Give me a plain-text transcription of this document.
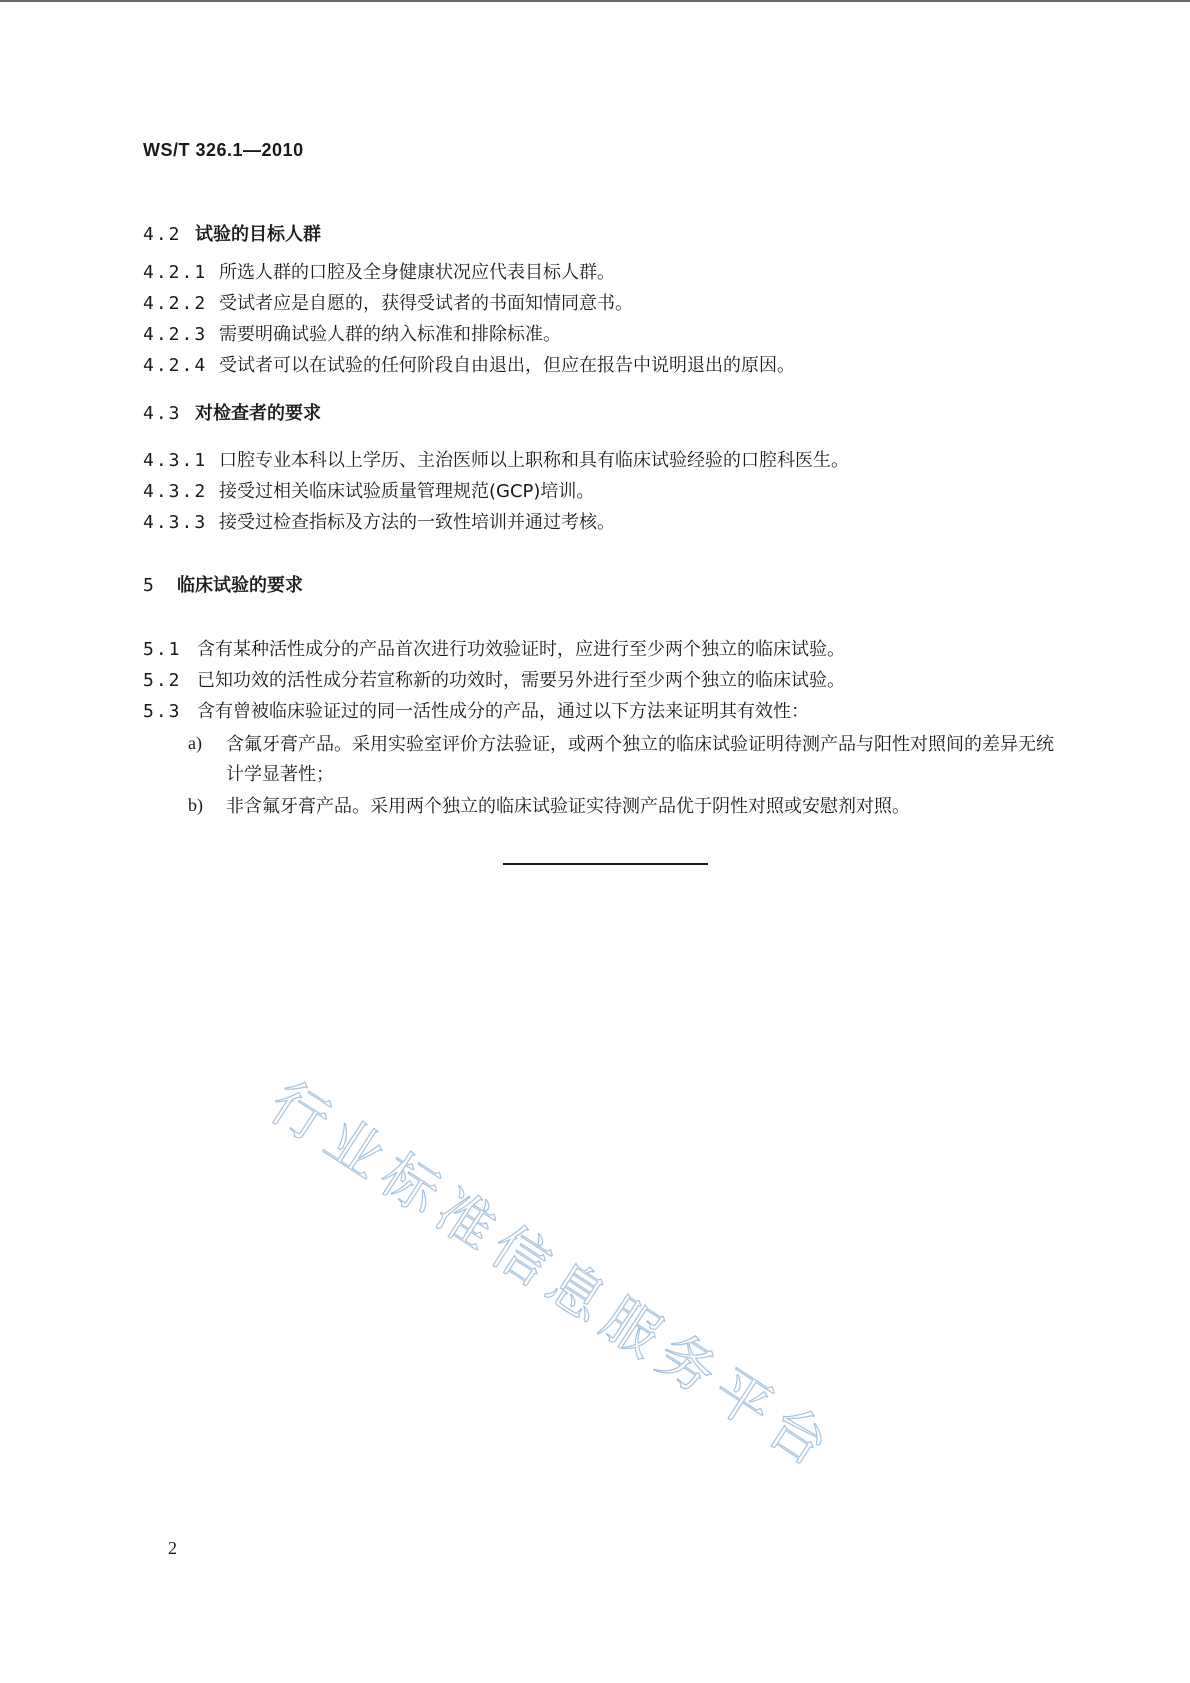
WS/T 326.1—2010
4.2 试验的目标人群
4.2.1 所选人群的口腔及全身健康状况应代表目标人群。
4.2.2 受试者应是自愿的，获得受试者的书面知情同意书。
4.2.3 需要明确试验人群的纳入标准和排除标准。
4.2.4 受试者可以在试验的任何阶段自由退出，但应在报告中说明退出的原因。
4.3 对检查者的要求
4.3.1 口腔专业本科以上学历、主治医师以上职称和具有临床试验经验的口腔科医生。
4.3.2 接受过相关临床试验质量管理规范(GCP)培训。
4.3.3 接受过检查指标及方法的一致性培训并通过考核。
5 临床试验的要求
5.1 含有某种活性成分的产品首次进行功效验证时，应进行至少两个独立的临床试验。
5.2 已知功效的活性成分若宣称新的功效时，需要另外进行至少两个独立的临床试验。
5.3 含有曾被临床验证过的同一活性成分的产品，通过以下方法来证明其有效性：
a) 含氟牙膏产品。采用实验室评价方法验证，或两个独立的临床试验证明待测产品与阳性对照间的差异无统计学显著性；
b) 非含氟牙膏产品。采用两个独立的临床试验证实待测产品优于阴性对照或安慰剂对照。
行业标准信息服务平台
2
